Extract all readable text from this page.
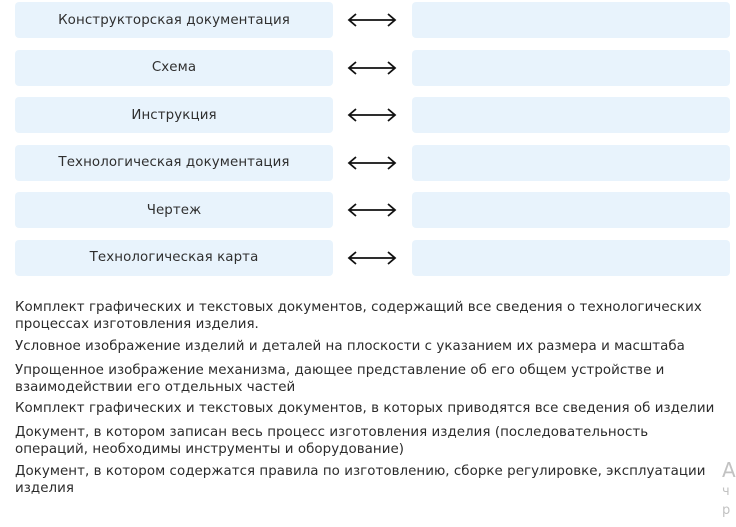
Конструкторская документация
Схема
Инструкция
Технологическая документация
Чертеж
Технологическая карта
Комплект графических и текстовых документов, содержащий все сведения о технологических процессах изготовления изделия.
Условное изображение изделий и деталей на плоскости с указанием их размера и масштаба
Упрощенное изображение механизма, дающее представление об его общем устройстве и взаимодействии его отдельных частей
Комплект графических и текстовых документов, в которых приводятся все сведения об изделии
Документ, в котором записан весь процесс изготовления изделия (последовательность операций, необходимы инструменты и оборудование)
Документ, в котором содержатся правила по изготовлению, сборке регулировке, эксплуатации изделия
А
ч
р
